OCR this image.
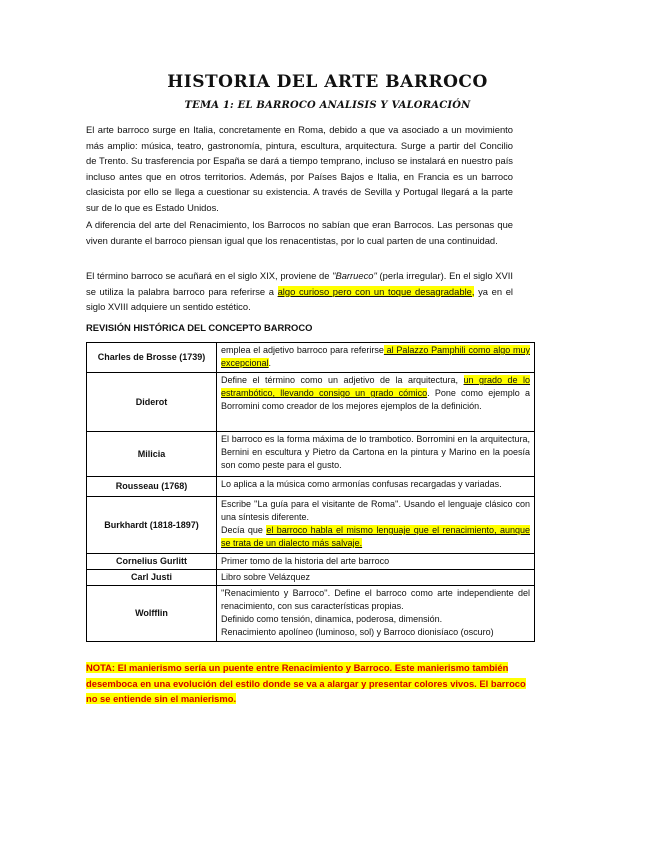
HISTORIA DEL ARTE BARROCO
TEMA 1: EL BARROCO ANALISIS Y VALORACIÓN

El arte barroco surge en Italia, concretamente en Roma, debido a que va asociado a un movimiento más amplio: música, teatro, gastronomía, pintura, escultura, arquitectura. Surge a partir del Concilio de Trento. Su trasferencia por España se dará a tiempo temprano, incluso se instalará en nuestro país incluso antes que en otros territorios. Además, por Países Bajos e Italia, en Francia es un barroco clasicista por ello se llega a cuestionar su existencia. A través de Sevilla y Portugal llegará a la parte sur de lo que es Estado Unidos.

A diferencia del arte del Renacimiento, los Barrocos no sabían que eran Barrocos. Las personas que viven durante el barroco piensan igual que los renacentistas, por lo cual parten de una continuidad.

El término barroco se acuñará en el siglo XIX, proviene de "Barrueco" (perla irregular). En el siglo XVII se utiliza la palabra barroco para referirse a algo curioso pero con un toque desagradable, ya en el siglo XVIII adquiere un sentido estético.

REVISIÓN HISTÓRICA DEL CONCEPTO BARROCO
Charles de Brosse (1739)	emplea el adjetivo barroco para referirse al Palazzo Pamphili como algo muy excepcional.
Diderot	Define el término como un adjetivo de la arquitectura, un grado de lo estrambótico, llevando consigo un grado cómico. Pone como ejemplo a Borromini como creador de los mejores ejemplos de la definición.
Milicia	El barroco es la forma máxima de lo trambotico. Borromini en la arquitectura, Bernini en escultura y Pietro da Cartona en la pintura y Marino en la poesía son como peste para el gusto.
Rousseau (1768)	Lo aplica a la música como armonías confusas recargadas y variadas.
Burkhardt (1818-1897)	Escribe ''La guía para el visitante de Roma''. Usando el lenguaje clásico con una síntesis diferente.
Decía que el barroco habla el mismo lenguaje que el renacimiento, aunque se trata de un dialecto más salvaje.
Cornelius Gurlitt	Primer tomo de la historia del arte barroco
Carl Justi	Libro sobre Velázquez
Wolfflin	''Renacimiento y Barroco''. Define el barroco como arte independiente del renacimiento, con sus características propias.
Definido como tensión, dinamica, poderosa, dimensión.
Renacimiento apolíneo (luminoso, sol) y Barroco dionisíaco (oscuro)

NOTA: El manierismo sería un puente entre Renacimiento y Barroco. Este manierismo también desemboca en una evolución del estilo donde se va a alargar y presentar colores vivos. El barroco no se entiende sin el manierismo.
